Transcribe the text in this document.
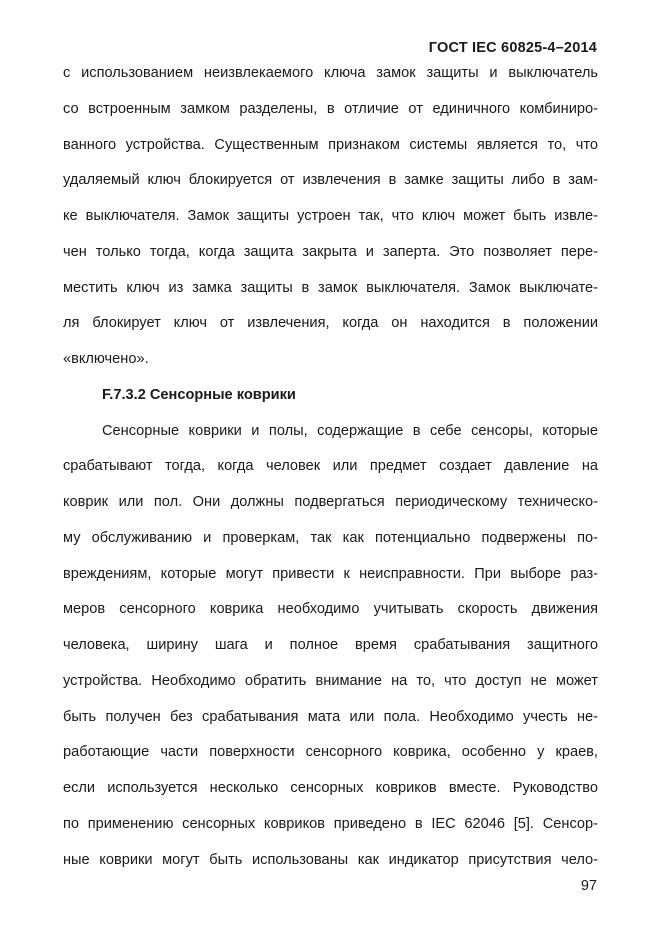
ГОСТ IEC 60825-4–2014
с использованием неизвлекаемого ключа замок защиты и выключатель
со встроенным замком разделены, в отличие от единичного комбиниро-
ванного устройства. Существенным признаком системы является то, что
удаляемый ключ блокируется от извлечения в замке защиты либо в зам-
ке выключателя. Замок защиты устроен так, что ключ может быть извле-
чен только тогда, когда защита закрыта и заперта. Это позволяет пере-
местить ключ из замка защиты в замок выключателя. Замок выключате-
ля блокирует ключ от извлечения, когда он находится в положении
«включено».
F.7.3.2 Сенсорные коврики
Сенсорные коврики и полы, содержащие в себе сенсоры, которые
срабатывают тогда, когда человек или предмет создает давление на
коврик или пол. Они должны подвергаться периодическому техническо-
му обслуживанию и проверкам, так как потенциально подвержены по-
вреждениям, которые могут привести к неисправности. При выборе раз-
меров сенсорного коврика необходимо учитывать скорость движения
человека, ширину шага и полное время срабатывания защитного
устройства. Необходимо обратить внимание на то, что доступ не может
быть получен без срабатывания мата или пола. Необходимо учесть не-
работающие части поверхности сенсорного коврика, особенно у краев,
если используется несколько сенсорных ковриков вместе. Руководство
по применению сенсорных ковриков приведено в IEC 62046 [5]. Сенсор-
ные коврики могут быть использованы как индикатор присутствия чело-
97
